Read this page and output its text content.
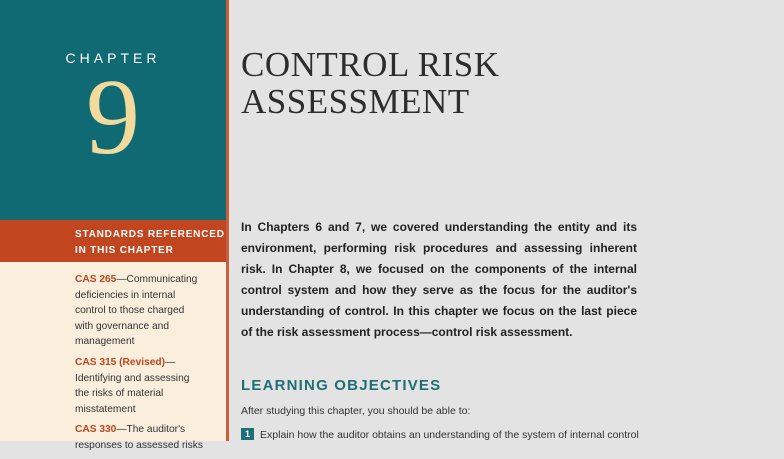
CHAPTER
9
STANDARDS REFERENCED
IN THIS CHAPTER
CAS 265—Communicating deficiencies in internal control to those charged with governance and management
CAS 315 (Revised)—Identifying and assessing the risks of material misstatement
CAS 330—The auditor's responses to assessed risks
CONTROL RISK
ASSESSMENT
In Chapters 6 and 7, we covered understanding the entity and its environment, performing risk procedures and assessing inherent risk. In Chapter 8, we focused on the components of the internal control system and how they serve as the focus for the auditor's understanding of control. In this chapter we focus on the last piece of the risk assessment process—control risk assessment.
LEARNING OBJECTIVES
After studying this chapter, you should be able to:
1 Explain how the auditor obtains an understanding of the system of internal control
